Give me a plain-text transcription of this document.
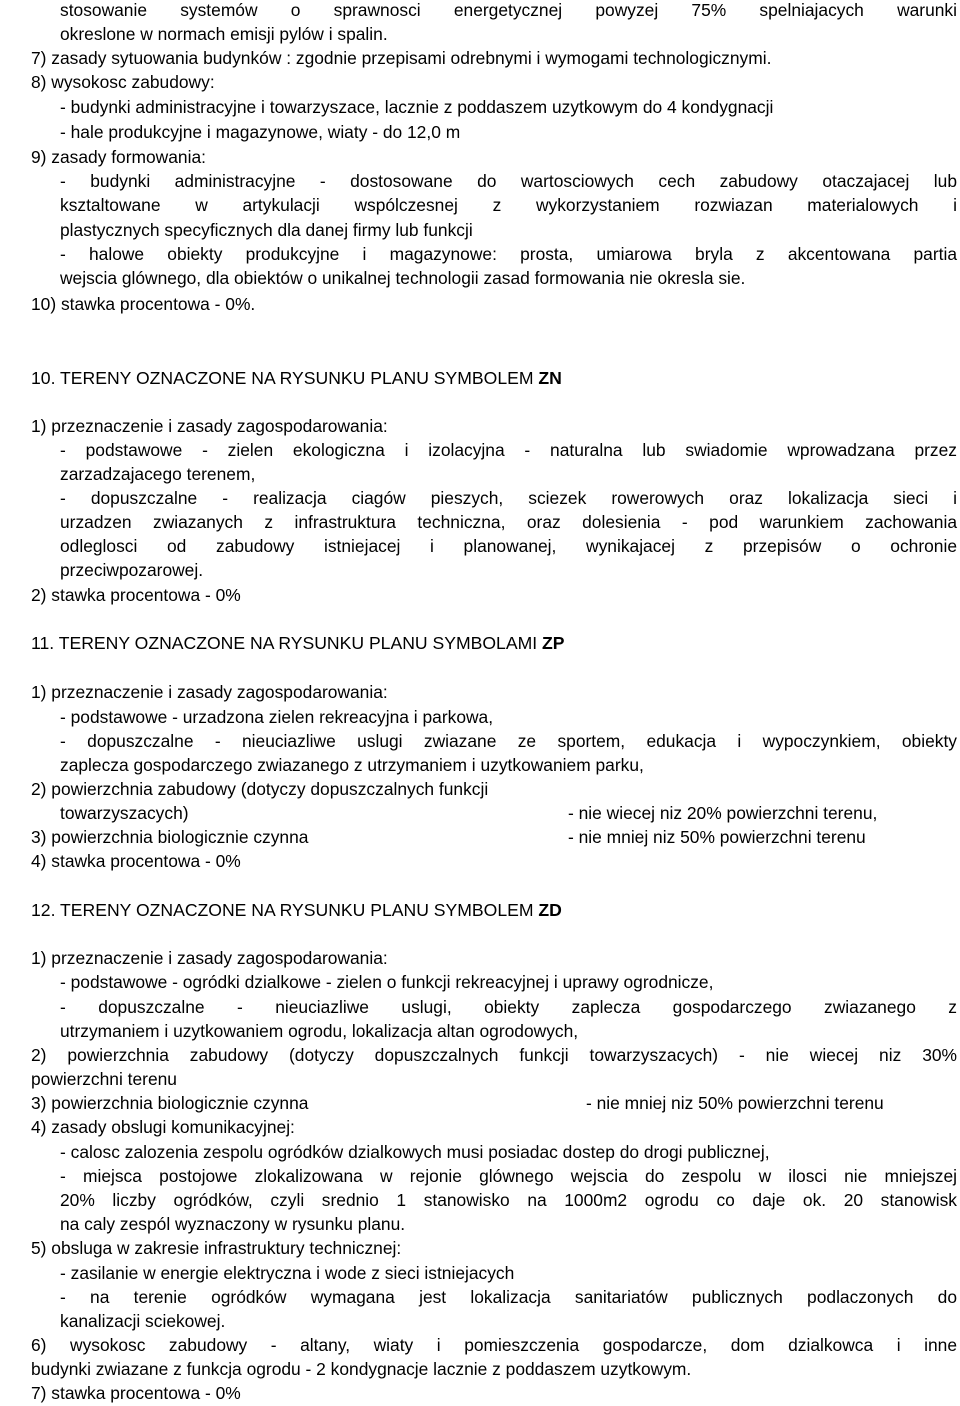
stosowanie systemów o sprawnosci energetycznej powyzej 75% spelniajacych warunki
okreslone w normach emisji pylów i spalin.
7) zasady sytuowania budynków : zgodnie przepisami odrebnymi i wymogami technologicznymi.
8) wysokosc zabudowy:
- budynki administracyjne i towarzyszace, lacznie z poddaszem uzytkowym do 4 kondygnacji
- hale produkcyjne i magazynowe, wiaty - do 12,0 m
9) zasady formowania:
- budynki administracyjne - dostosowane do wartosciowych cech zabudowy otaczajacej lub
ksztaltowane w artykulacji wspólczesnej z wykorzystaniem rozwiazan materialowych i
plastycznych specyficznych dla danej firmy lub funkcji
- halowe obiekty produkcyjne i magazynowe: prosta, umiarowa bryla z akcentowana partia
wejscia glównego, dla obiektów o unikalnej technologii zasad formowania nie okresla sie.
10) stawka procentowa - 0%.
10. TERENY OZNACZONE NA RYSUNKU PLANU SYMBOLEM ZN
1) przeznaczenie i zasady zagospodarowania:
- podstawowe - zielen ekologiczna i izolacyjna - naturalna lub swiadomie wprowadzana przez
zarzadzajacego terenem,
- dopuszczalne - realizacja ciagów pieszych, sciezek rowerowych oraz lokalizacja sieci i
urzadzen zwiazanych z infrastruktura techniczna, oraz dolesienia - pod warunkiem zachowania
odleglosci od zabudowy istniejacej i planowanej, wynikajacej z przepisów o ochronie
przeciwpozarowej.
2) stawka procentowa - 0%
11. TERENY OZNACZONE NA RYSUNKU PLANU SYMBOLAMI ZP
1) przeznaczenie i zasady zagospodarowania:
- podstawowe - urzadzona zielen rekreacyjna i parkowa,
- dopuszczalne - nieuciazliwe uslugi zwiazane ze sportem, edukacja i wypoczynkiem, obiekty
zaplecza gospodarczego zwiazanego z utrzymaniem i uzytkowaniem parku,
2) powierzchnia zabudowy (dotyczy dopuszczalnych funkcji
towarzyszacych)	- nie wiecej niz 20% powierzchni terenu,
3) powierzchnia biologicznie czynna	- nie mniej niz 50% powierzchni terenu
4) stawka procentowa - 0%
12. TERENY OZNACZONE NA RYSUNKU PLANU SYMBOLEM ZD
1) przeznaczenie i zasady zagospodarowania:
- podstawowe - ogródki dzialkowe - zielen o funkcji rekreacyjnej i uprawy ogrodnicze,
- dopuszczalne - nieuciazliwe uslugi, obiekty zaplecza gospodarczego zwiazanego z
utrzymaniem i uzytkowaniem ogrodu, lokalizacja altan ogrodowych,
2) powierzchnia zabudowy (dotyczy dopuszczalnych funkcji towarzyszacych) - nie wiecej niz 30%
powierzchni terenu
3) powierzchnia biologicznie czynna	- nie mniej niz 50% powierzchni terenu
4) zasady obslugi komunikacyjnej:
- calosc zalozenia zespolu ogródków dzialkowych musi posiadac dostep do drogi publicznej,
- miejsca postojowe zlokalizowana w rejonie glównego wejscia do zespolu w ilosci nie mniejszej
20% liczby ogródków, czyli srednio 1 stanowisko na 1000m2 ogrodu co daje ok. 20 stanowisk
na caly zespól wyznaczony w rysunku planu.
5) obsluga w zakresie infrastruktury technicznej:
- zasilanie w energie elektryczna i wode z sieci istniejacych
- na terenie ogródków wymagana jest lokalizacja sanitariatów publicznych podlaczonych do
kanalizacji sciekowej.
6) wysokosc zabudowy - altany, wiaty i pomieszczenia gospodarcze, dom dzialkowca i inne
budynki zwiazane z funkcja ogrodu - 2 kondygnacje lacznie z poddaszem uzytkowym.
7) stawka procentowa - 0%
